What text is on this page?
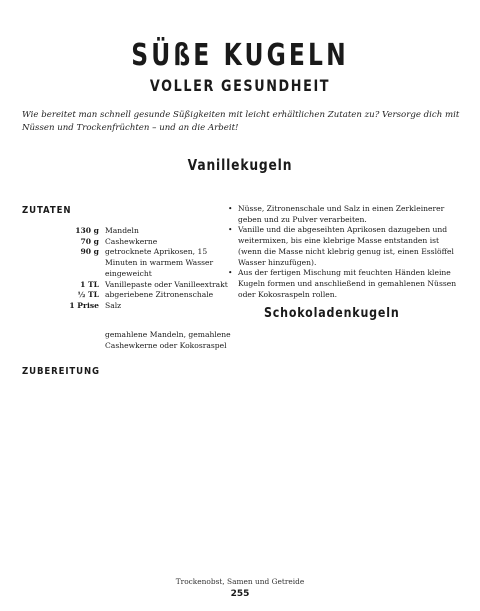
SÜßE KUGELN
VOLLER GESUNDHEIT
Wie bereitet man schnell gesunde Süßigkeiten mit leicht erhältlichen Zutaten zu? Versorge dich mit Nüssen und Trockenfrüchten – und an die Arbeit!
Vanillekugeln
ZUTATEN
130 g	Mandeln
70 g	Cashewkerne
90 g	getrocknete Aprikosen, 15 Minuten in warmem Wasser eingeweicht
1 TL	Vanillepaste oder Vanilleextrakt
½ TL	abgeriebene Zitronenschale
1 Prise	Salz
gemahlene Mandeln, gemahlene Cashewkerne oder Kokosraspel
ZUBEREITUNG
• Nüsse, Zitronenschale und Salz in einen Zerkleinerer geben und zu Pulver verarbeiten.
• Vanille und die abgeseihten Aprikosen dazugeben und weitermixen, bis eine klebrige Masse entstanden ist (wenn die Masse nicht klebrig genug ist, einen Esslöffel Wasser hinzufügen).
• Aus der fertigen Mischung mit feuchten Händen kleine Kugeln formen und anschließend in gemahlenen Nüssen oder Kokosraspeln rollen.
Schokoladenkugeln
Trockenobst, Samen und Getreide
255
